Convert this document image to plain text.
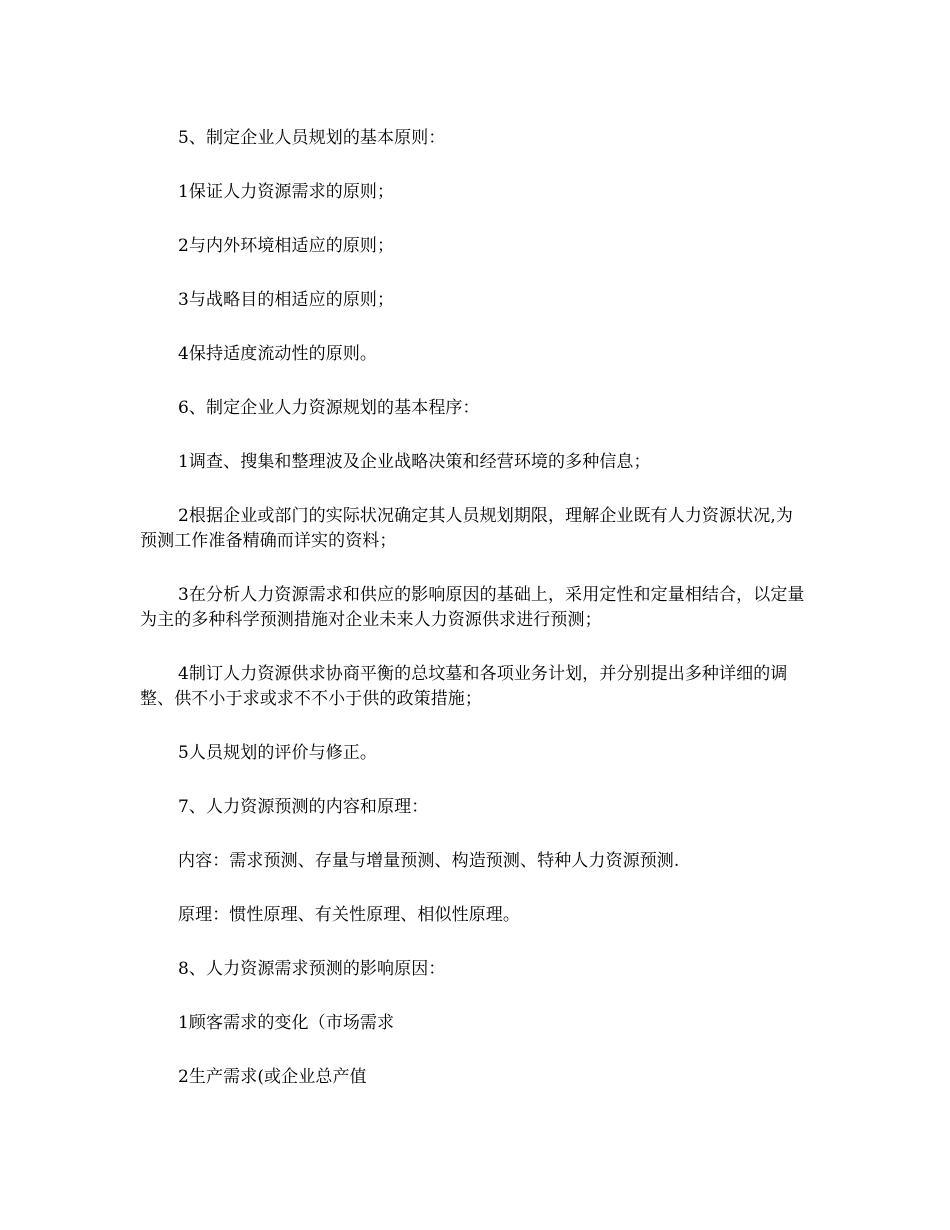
5、制定企业人员规划的基本原则：

1保证人力资源需求的原则；

2与内外环境相适应的原则；

3与战略目的相适应的原则；

4保持适度流动性的原则。

6、制定企业人力资源规划的基本程序：

1调查、搜集和整理波及企业战略决策和经营环境的多种信息；

2根据企业或部门的实际状况确定其人员规划期限，理解企业既有人力资源状况,为预测工作准备精确而详实的资料；

3在分析人力资源需求和供应的影响原因的基础上，采用定性和定量相结合，以定量为主的多种科学预测措施对企业未来人力资源供求进行预测；

4制订人力资源供求协商平衡的总坟墓和各项业务计划，并分别提出多种详细的调整、供不小于求或求不不小于供的政策措施；

5人员规划的评价与修正。

7、人力资源预测的内容和原理：

内容：需求预测、存量与增量预测、构造预测、特种人力资源预测.

原理：惯性原理、有关性原理、相似性原理。

8、人力资源需求预测的影响原因：

1顾客需求的变化（市场需求

2生产需求(或企业总产值
